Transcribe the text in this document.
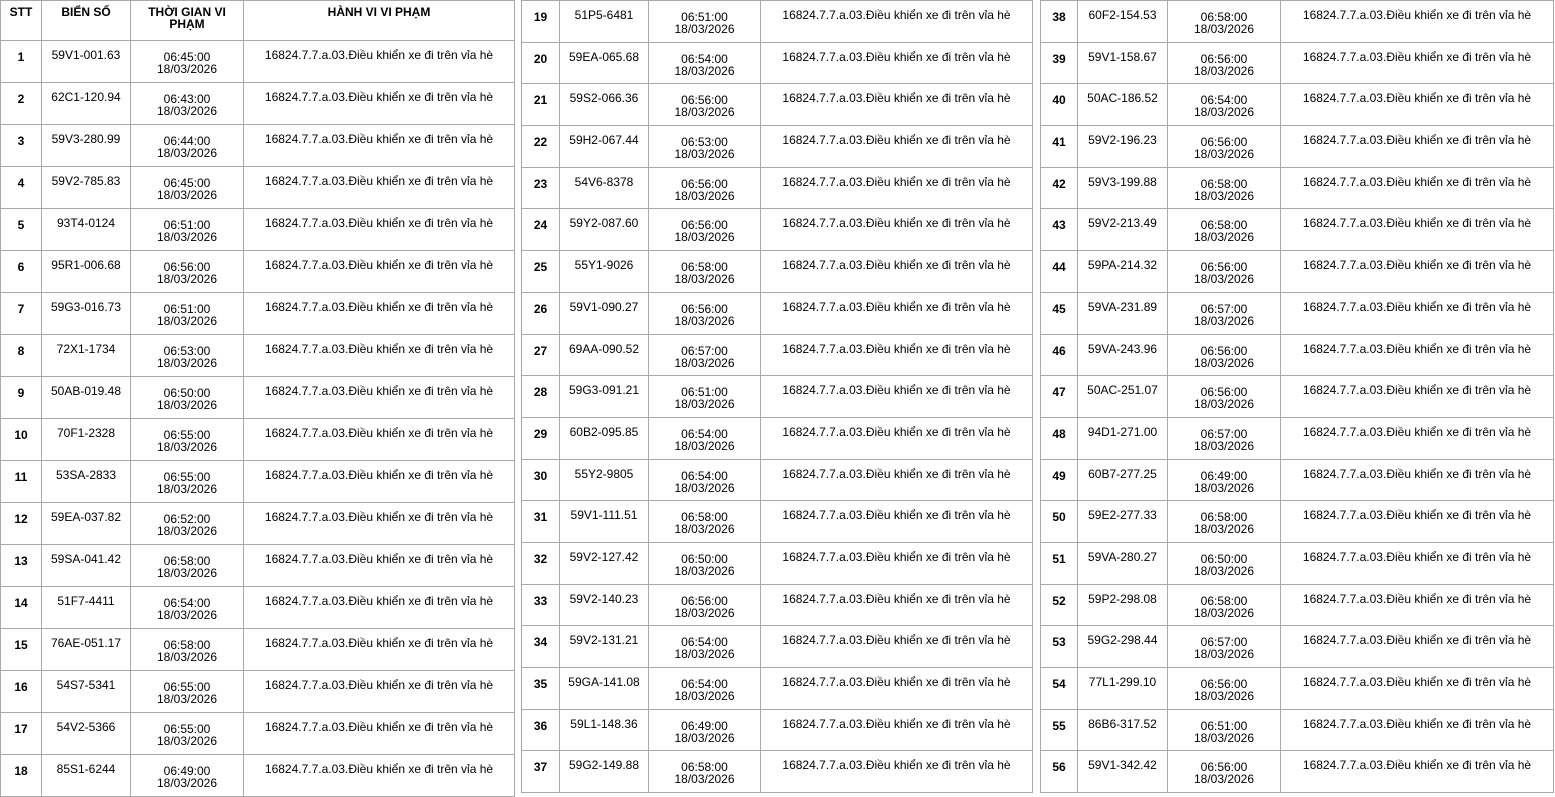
STT	BIỂN SỐ	THỜI GIAN VI PHẠM	HÀNH VI VI PHẠM
1	59V1-001.63	06:45:00
18/03/2026	16824.7.7.a.03.Điều khiển xe đi trên vỉa hè
2	62C1-120.94	06:43:00
18/03/2026	16824.7.7.a.03.Điều khiển xe đi trên vỉa hè
3	59V3-280.99	06:44:00
18/03/2026	16824.7.7.a.03.Điều khiển xe đi trên vỉa hè
4	59V2-785.83	06:45:00
18/03/2026	16824.7.7.a.03.Điều khiển xe đi trên vỉa hè
5	93T4-0124	06:51:00
18/03/2026	16824.7.7.a.03.Điều khiển xe đi trên vỉa hè
6	95R1-006.68	06:56:00
18/03/2026	16824.7.7.a.03.Điều khiển xe đi trên vỉa hè
7	59G3-016.73	06:51:00
18/03/2026	16824.7.7.a.03.Điều khiển xe đi trên vỉa hè
8	72X1-1734	06:53:00
18/03/2026	16824.7.7.a.03.Điều khiển xe đi trên vỉa hè
9	50AB-019.48	06:50:00
18/03/2026	16824.7.7.a.03.Điều khiển xe đi trên vỉa hè
10	70F1-2328	06:55:00
18/03/2026	16824.7.7.a.03.Điều khiển xe đi trên vỉa hè
11	53SA-2833	06:55:00
18/03/2026	16824.7.7.a.03.Điều khiển xe đi trên vỉa hè
12	59EA-037.82	06:52:00
18/03/2026	16824.7.7.a.03.Điều khiển xe đi trên vỉa hè
13	59SA-041.42	06:58:00
18/03/2026	16824.7.7.a.03.Điều khiển xe đi trên vỉa hè
14	51F7-4411	06:54:00
18/03/2026	16824.7.7.a.03.Điều khiển xe đi trên vỉa hè
15	76AE-051.17	06:58:00
18/03/2026	16824.7.7.a.03.Điều khiển xe đi trên vỉa hè
16	54S7-5341	06:55:00
18/03/2026	16824.7.7.a.03.Điều khiển xe đi trên vỉa hè
17	54V2-5366	06:55:00
18/03/2026	16824.7.7.a.03.Điều khiển xe đi trên vỉa hè
18	85S1-6244	06:49:00
18/03/2026	16824.7.7.a.03.Điều khiển xe đi trên vỉa hè
19	51P5-6481	06:51:00
18/03/2026	16824.7.7.a.03.Điều khiển xe đi trên vỉa hè
20	59EA-065.68	06:54:00
18/03/2026	16824.7.7.a.03.Điều khiển xe đi trên vỉa hè
21	59S2-066.36	06:56:00
18/03/2026	16824.7.7.a.03.Điều khiển xe đi trên vỉa hè
22	59H2-067.44	06:53:00
18/03/2026	16824.7.7.a.03.Điều khiển xe đi trên vỉa hè
23	54V6-8378	06:56:00
18/03/2026	16824.7.7.a.03.Điều khiển xe đi trên vỉa hè
24	59Y2-087.60	06:56:00
18/03/2026	16824.7.7.a.03.Điều khiển xe đi trên vỉa hè
25	55Y1-9026	06:58:00
18/03/2026	16824.7.7.a.03.Điều khiển xe đi trên vỉa hè
26	59V1-090.27	06:56:00
18/03/2026	16824.7.7.a.03.Điều khiển xe đi trên vỉa hè
27	69AA-090.52	06:57:00
18/03/2026	16824.7.7.a.03.Điều khiển xe đi trên vỉa hè
28	59G3-091.21	06:51:00
18/03/2026	16824.7.7.a.03.Điều khiển xe đi trên vỉa hè
29	60B2-095.85	06:54:00
18/03/2026	16824.7.7.a.03.Điều khiển xe đi trên vỉa hè
30	55Y2-9805	06:54:00
18/03/2026	16824.7.7.a.03.Điều khiển xe đi trên vỉa hè
31	59V1-111.51	06:58:00
18/03/2026	16824.7.7.a.03.Điều khiển xe đi trên vỉa hè
32	59V2-127.42	06:50:00
18/03/2026	16824.7.7.a.03.Điều khiển xe đi trên vỉa hè
33	59V2-140.23	06:56:00
18/03/2026	16824.7.7.a.03.Điều khiển xe đi trên vỉa hè
34	59V2-131.21	06:54:00
18/03/2026	16824.7.7.a.03.Điều khiển xe đi trên vỉa hè
35	59GA-141.08	06:54:00
18/03/2026	16824.7.7.a.03.Điều khiển xe đi trên vỉa hè
36	59L1-148.36	06:49:00
18/03/2026	16824.7.7.a.03.Điều khiển xe đi trên vỉa hè
37	59G2-149.88	06:58:00
18/03/2026	16824.7.7.a.03.Điều khiển xe đi trên vỉa hè
38	60F2-154.53	06:58:00
18/03/2026	16824.7.7.a.03.Điều khiển xe đi trên vỉa hè
39	59V1-158.67	06:56:00
18/03/2026	16824.7.7.a.03.Điều khiển xe đi trên vỉa hè
40	50AC-186.52	06:54:00
18/03/2026	16824.7.7.a.03.Điều khiển xe đi trên vỉa hè
41	59V2-196.23	06:56:00
18/03/2026	16824.7.7.a.03.Điều khiển xe đi trên vỉa hè
42	59V3-199.88	06:58:00
18/03/2026	16824.7.7.a.03.Điều khiển xe đi trên vỉa hè
43	59V2-213.49	06:58:00
18/03/2026	16824.7.7.a.03.Điều khiển xe đi trên vỉa hè
44	59PA-214.32	06:56:00
18/03/2026	16824.7.7.a.03.Điều khiển xe đi trên vỉa hè
45	59VA-231.89	06:57:00
18/03/2026	16824.7.7.a.03.Điều khiển xe đi trên vỉa hè
46	59VA-243.96	06:56:00
18/03/2026	16824.7.7.a.03.Điều khiển xe đi trên vỉa hè
47	50AC-251.07	06:56:00
18/03/2026	16824.7.7.a.03.Điều khiển xe đi trên vỉa hè
48	94D1-271.00	06:57:00
18/03/2026	16824.7.7.a.03.Điều khiển xe đi trên vỉa hè
49	60B7-277.25	06:49:00
18/03/2026	16824.7.7.a.03.Điều khiển xe đi trên vỉa hè
50	59E2-277.33	06:58:00
18/03/2026	16824.7.7.a.03.Điều khiển xe đi trên vỉa hè
51	59VA-280.27	06:50:00
18/03/2026	16824.7.7.a.03.Điều khiển xe đi trên vỉa hè
52	59P2-298.08	06:58:00
18/03/2026	16824.7.7.a.03.Điều khiển xe đi trên vỉa hè
53	59G2-298.44	06:57:00
18/03/2026	16824.7.7.a.03.Điều khiển xe đi trên vỉa hè
54	77L1-299.10	06:56:00
18/03/2026	16824.7.7.a.03.Điều khiển xe đi trên vỉa hè
55	86B6-317.52	06:51:00
18/03/2026	16824.7.7.a.03.Điều khiển xe đi trên vỉa hè
56	59V1-342.42	06:56:00
18/03/2026	16824.7.7.a.03.Điều khiển xe đi trên vỉa hè
